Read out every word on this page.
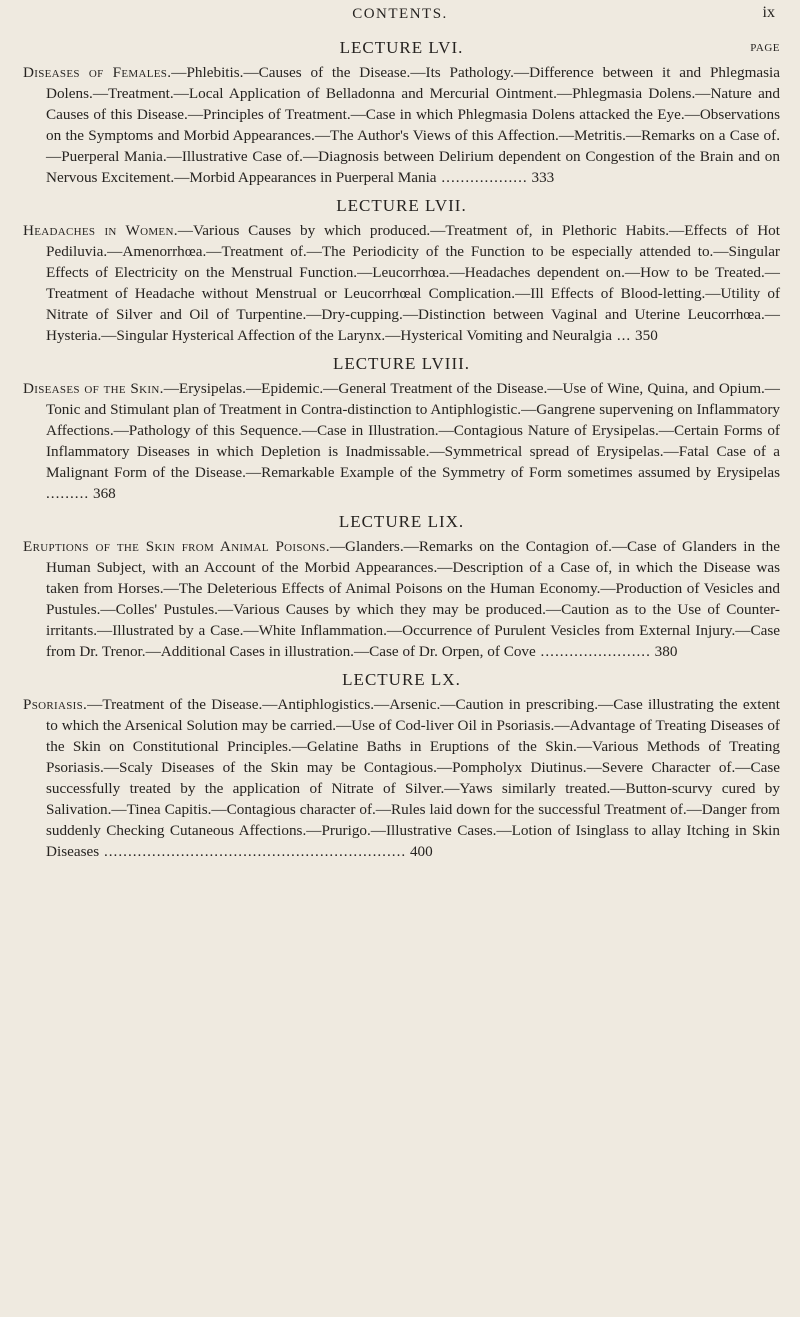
CONTENTS.	ix
LECTURE LVI.	PAGE

Diseases of Females.—Phlebitis.—Causes of the Disease.—Its Pathology.—Difference between it and Phlegmasia Dolens.—Treatment.—Local Application of Belladonna and Mercurial Ointment.—Phlegmasia Dolens.—Nature and Causes of this Disease.—Principles of Treatment.—Case in which Phlegmasia Dolens attacked the Eye.—Observations on the Symptoms and Morbid Appearances.—The Author's Views of this Affection.—Metritis.—Remarks on a Case of.—Puerperal Mania.—Illustrative Case of.—Diagnosis between Delirium dependent on Congestion of the Brain and on Nervous Excitement.—Morbid Appearances in Puerperal Mania .................. 333

LECTURE LVII.

Headaches in Women.—Various Causes by which produced.—Treatment of, in Plethoric Habits.—Effects of Hot Pediluvia.—Amenorrhœa.—Treatment of.—The Periodicity of the Function to be especially attended to.—Singular Effects of Electricity on the Menstrual Function.—Leucorrhœa.—Headaches dependent on.—How to be Treated.—Treatment of Headache without Menstrual or Leucorrhœal Complication.—Ill Effects of Blood-letting.—Utility of Nitrate of Silver and Oil of Turpentine.—Dry-cupping.—Distinction between Vaginal and Uterine Leucorrhœa.—Hysteria.—Singular Hysterical Affection of the Larynx.—Hysterical Vomiting and Neuralgia ... 350

LECTURE LVIII.

Diseases of the Skin.—Erysipelas.—Epidemic.—General Treatment of the Disease.—Use of Wine, Quina, and Opium.—Tonic and Stimulant plan of Treatment in Contra-distinction to Antiphlogistic.—Gangrene supervening on Inflammatory Affections.—Pathology of this Sequence.—Case in Illustration.—Contagious Nature of Erysipelas.—Certain Forms of Inflammatory Diseases in which Depletion is Inadmissable.—Symmetrical spread of Erysipelas.—Fatal Case of a Malignant Form of the Disease.—Remarkable Example of the Symmetry of Form sometimes assumed by Erysipelas ......... 368

LECTURE LIX.

Eruptions of the Skin from Animal Poisons.—Glanders.—Remarks on the Contagion of.—Case of Glanders in the Human Subject, with an Account of the Morbid Appearances.—Description of a Case of, in which the Disease was taken from Horses.—The Deleterious Effects of Animal Poisons on the Human Economy.—Production of Vesicles and Pustules.—Colles' Pustules.—Various Causes by which they may be produced.—Caution as to the Use of Counter-irritants.—Illustrated by a Case.—White Inflammation.—Occurrence of Purulent Vesicles from External Injury.—Case from Dr. Trenor.—Additional Cases in illustration.—Case of Dr. Orpen, of Cove ....................... 380

LECTURE LX.

Psoriasis.—Treatment of the Disease.—Antiphlogistics.—Arsenic.—Caution in prescribing.—Case illustrating the extent to which the Arsenical Solution may be carried.—Use of Cod-liver Oil in Psoriasis.—Advantage of Treating Diseases of the Skin on Constitutional Principles.—Gelatine Baths in Eruptions of the Skin.—Various Methods of Treating Psoriasis.—Scaly Diseases of the Skin may be Contagious.—Pompholyx Diutinus.—Severe Character of.—Case successfully treated by the application of Nitrate of Silver.—Yaws similarly treated.—Button-scurvy cured by Salivation.—Tinea Capitis.—Contagious character of.—Rules laid down for the successful Treatment of.—Danger from suddenly Checking Cutaneous Affections.—Prurigo.—Illustrative Cases.—Lotion of Isinglass to allay Itching in Skin Diseases ............................................................... 400
